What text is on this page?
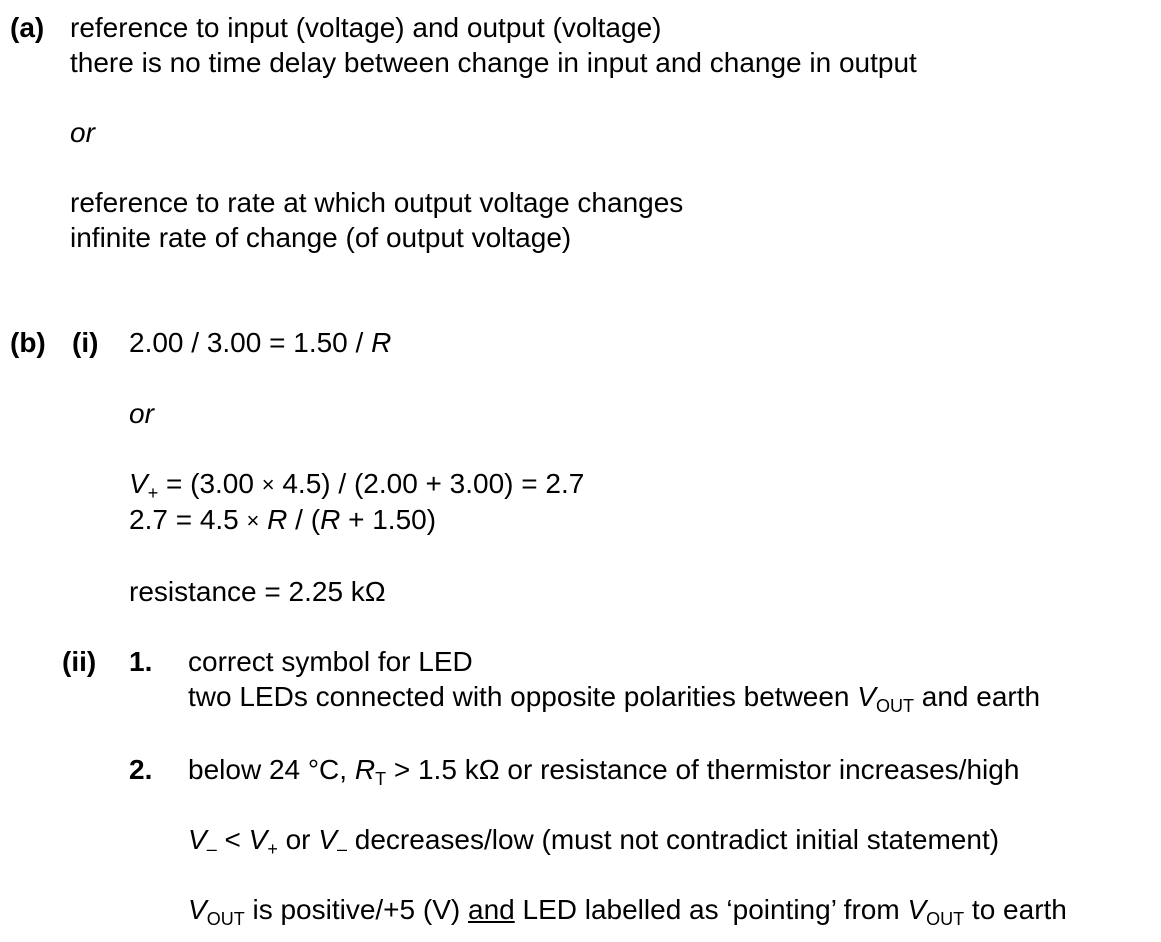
(a) reference to input (voltage) and output (voltage)
there is no time delay between change in input and change in output
or
reference to rate at which output voltage changes
infinite rate of change (of output voltage)
(b) (i) 2.00 / 3.00 = 1.50 / R
or
$V_+ = (3.00 \times 4.5) / (2.00 + 3.00) = 2.7$
2.7 = 4.5 × R / (R + 1.50)
resistance = 2.25 kΩ
(ii) 1. correct symbol for LED
two LEDs connected with opposite polarities between $V_{OUT}$ and earth
2. below 24 °C, $R_T > 1.5$ kΩ or resistance of thermistor increases/high
$V_- < V_+$ or $V_-$ decreases/low (must not contradict initial statement)
$V_{OUT}$ is positive/+5 (V) and LED labelled as ‘pointing’ from $V_{OUT}$ to earth
